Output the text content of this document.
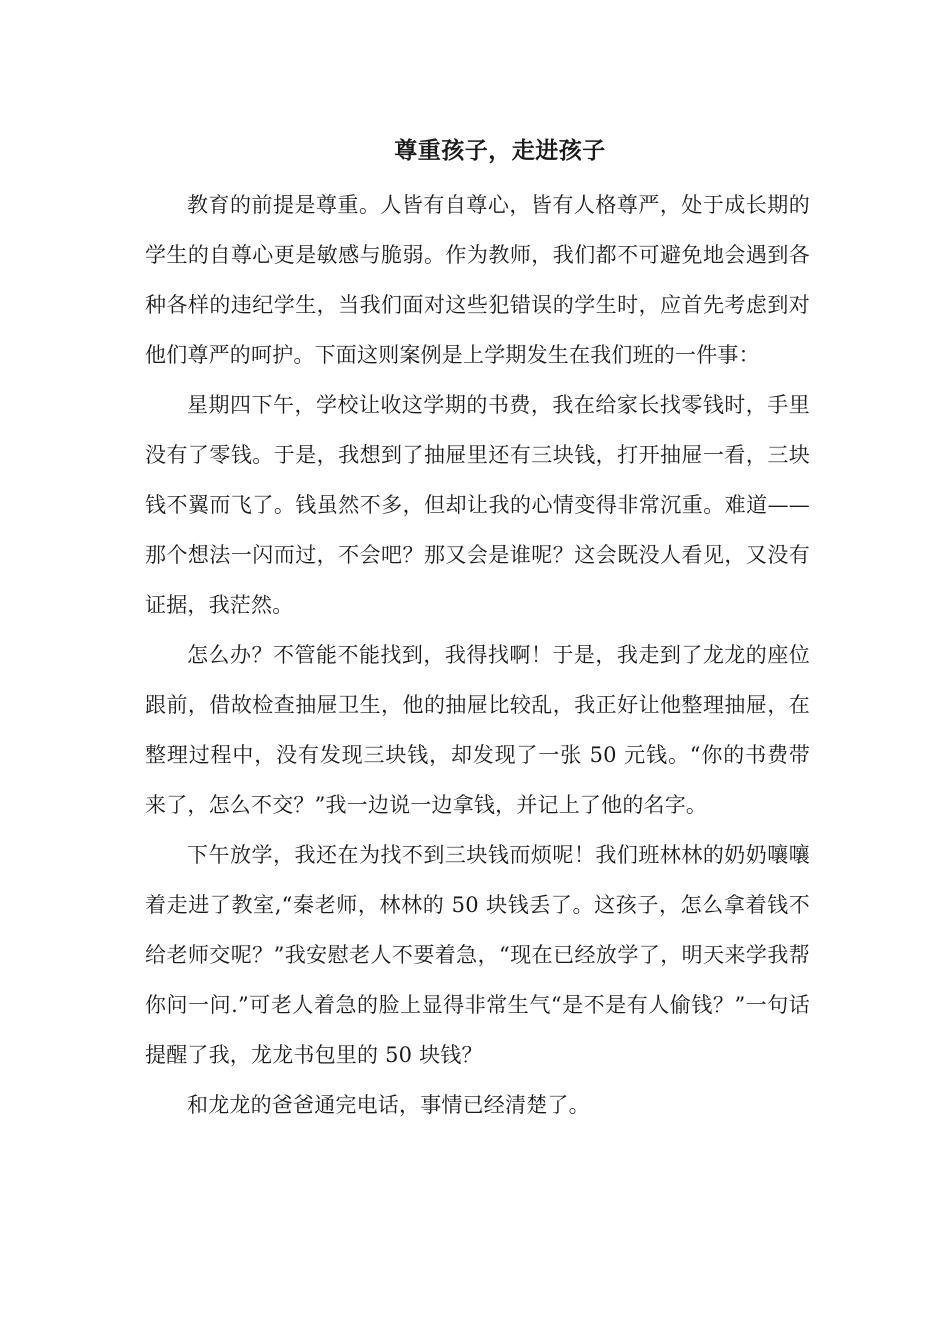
尊重孩子，走进孩子

教育的前提是尊重。人皆有自尊心，皆有人格尊严，处于成长期的学生的自尊心更是敏感与脆弱。作为教师，我们都不可避免地会遇到各种各样的违纪学生，当我们面对这些犯错误的学生时，应首先考虑到对他们尊严的呵护。下面这则案例是上学期发生在我们班的一件事：

星期四下午，学校让收这学期的书费，我在给家长找零钱时，手里没有了零钱。于是，我想到了抽屉里还有三块钱，打开抽屉一看，三块钱不翼而飞了。钱虽然不多，但却让我的心情变得非常沉重。难道——那个想法一闪而过，不会吧？那又会是谁呢？这会既没人看见，又没有证据，我茫然。

怎么办？不管能不能找到，我得找啊！于是，我走到了龙龙的座位跟前，借故检查抽屉卫生，他的抽屉比较乱，我正好让他整理抽屉，在整理过程中，没有发现三块钱，却发现了一张 50 元钱。“你的书费带来了，怎么不交？”我一边说一边拿钱，并记上了他的名字。

下午放学，我还在为找不到三块钱而烦呢！我们班林林的奶奶嚷嚷着走进了教室,“秦老师，林林的 50 块钱丢了。这孩子，怎么拿着钱不给老师交呢？”我安慰老人不要着急，“现在已经放学了，明天来学我帮你问一问.”可老人着急的脸上显得非常生气“是不是有人偷钱？”一句话提醒了我，龙龙书包里的 50 块钱？

和龙龙的爸爸通完电话，事情已经清楚了。
